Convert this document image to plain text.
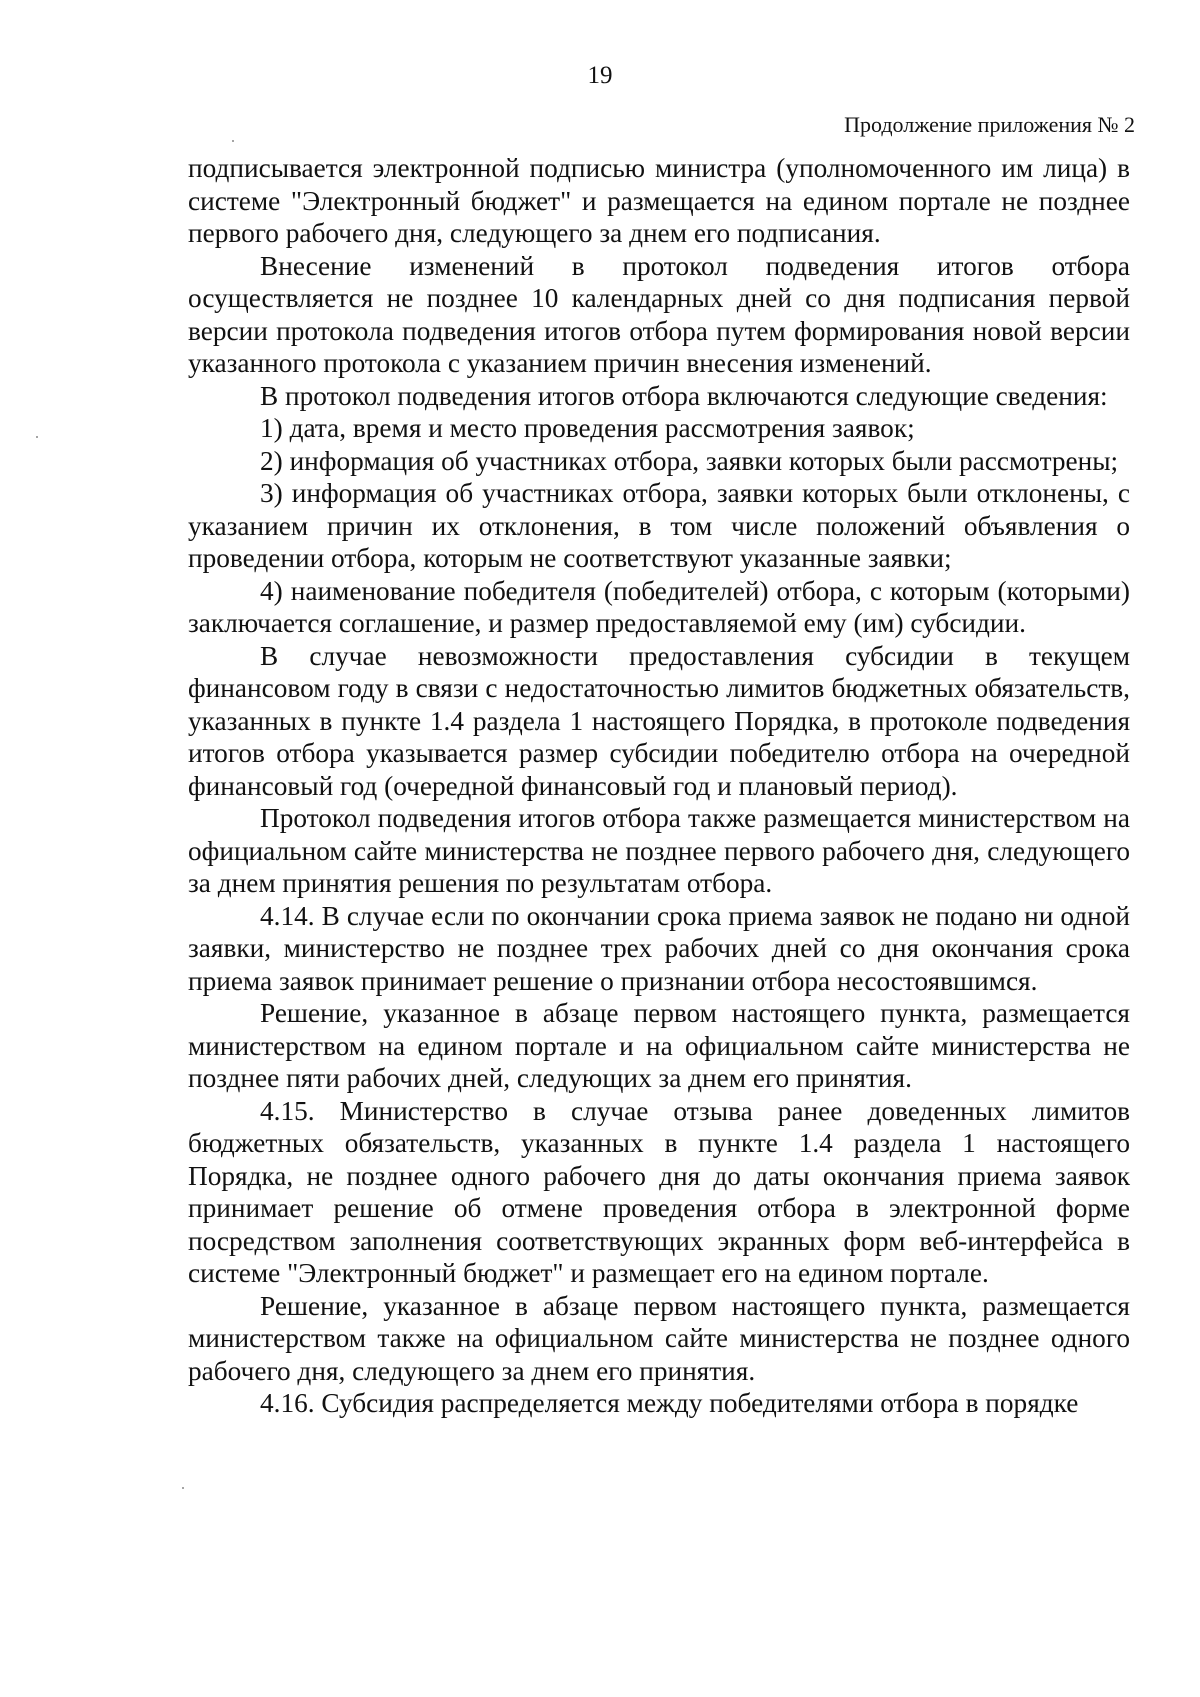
19
Продолжение приложения № 2

подписывается электронной подписью министра (уполномоченного им лица) в системе "Электронный бюджет" и размещается на едином портале не позднее первого рабочего дня, следующего за днем его подписания.

Внесение изменений в протокол подведения итогов отбора осуществляется не позднее 10 календарных дней со дня подписания первой версии протокола подведения итогов отбора путем формирования новой версии указанного протокола с указанием причин внесения изменений.

В протокол подведения итогов отбора включаются следующие сведения:

1) дата, время и место проведения рассмотрения заявок;

2) информация об участниках отбора, заявки которых были рассмотрены;

3) информация об участниках отбора, заявки которых были отклонены, с указанием причин их отклонения, в том числе положений объявления о проведении отбора, которым не соответствуют указанные заявки;

4) наименование победителя (победителей) отбора, с которым (которыми) заключается соглашение, и размер предоставляемой ему (им) субсидии.

В случае невозможности предоставления субсидии в текущем финансовом году в связи с недостаточностью лимитов бюджетных обязательств, указанных в пункте 1.4 раздела 1 настоящего Порядка, в протоколе подведения итогов отбора указывается размер субсидии победителю отбора на очередной финансовый год (очередной финансовый год и плановый период).

Протокол подведения итогов отбора также размещается министерством на официальном сайте министерства не позднее первого рабочего дня, следующего за днем принятия решения по результатам отбора.

4.14. В случае если по окончании срока приема заявок не подано ни одной заявки, министерство не позднее трех рабочих дней со дня окончания срока приема заявок принимает решение о признании отбора несостоявшимся.

Решение, указанное в абзаце первом настоящего пункта, размещается министерством на едином портале и на официальном сайте министерства не позднее пяти рабочих дней, следующих за днем его принятия.

4.15. Министерство в случае отзыва ранее доведенных лимитов бюджетных обязательств, указанных в пункте 1.4 раздела 1 настоящего Порядка, не позднее одного рабочего дня до даты окончания приема заявок принимает решение об отмене проведения отбора в электронной форме посредством заполнения соответствующих экранных форм веб-интерфейса в системе "Электронный бюджет" и размещает его на едином портале.

Решение, указанное в абзаце первом настоящего пункта, размещается министерством также на официальном сайте министерства не позднее одного рабочего дня, следующего за днем его принятия.

4.16. Субсидия распределяется между победителями отбора в порядке
